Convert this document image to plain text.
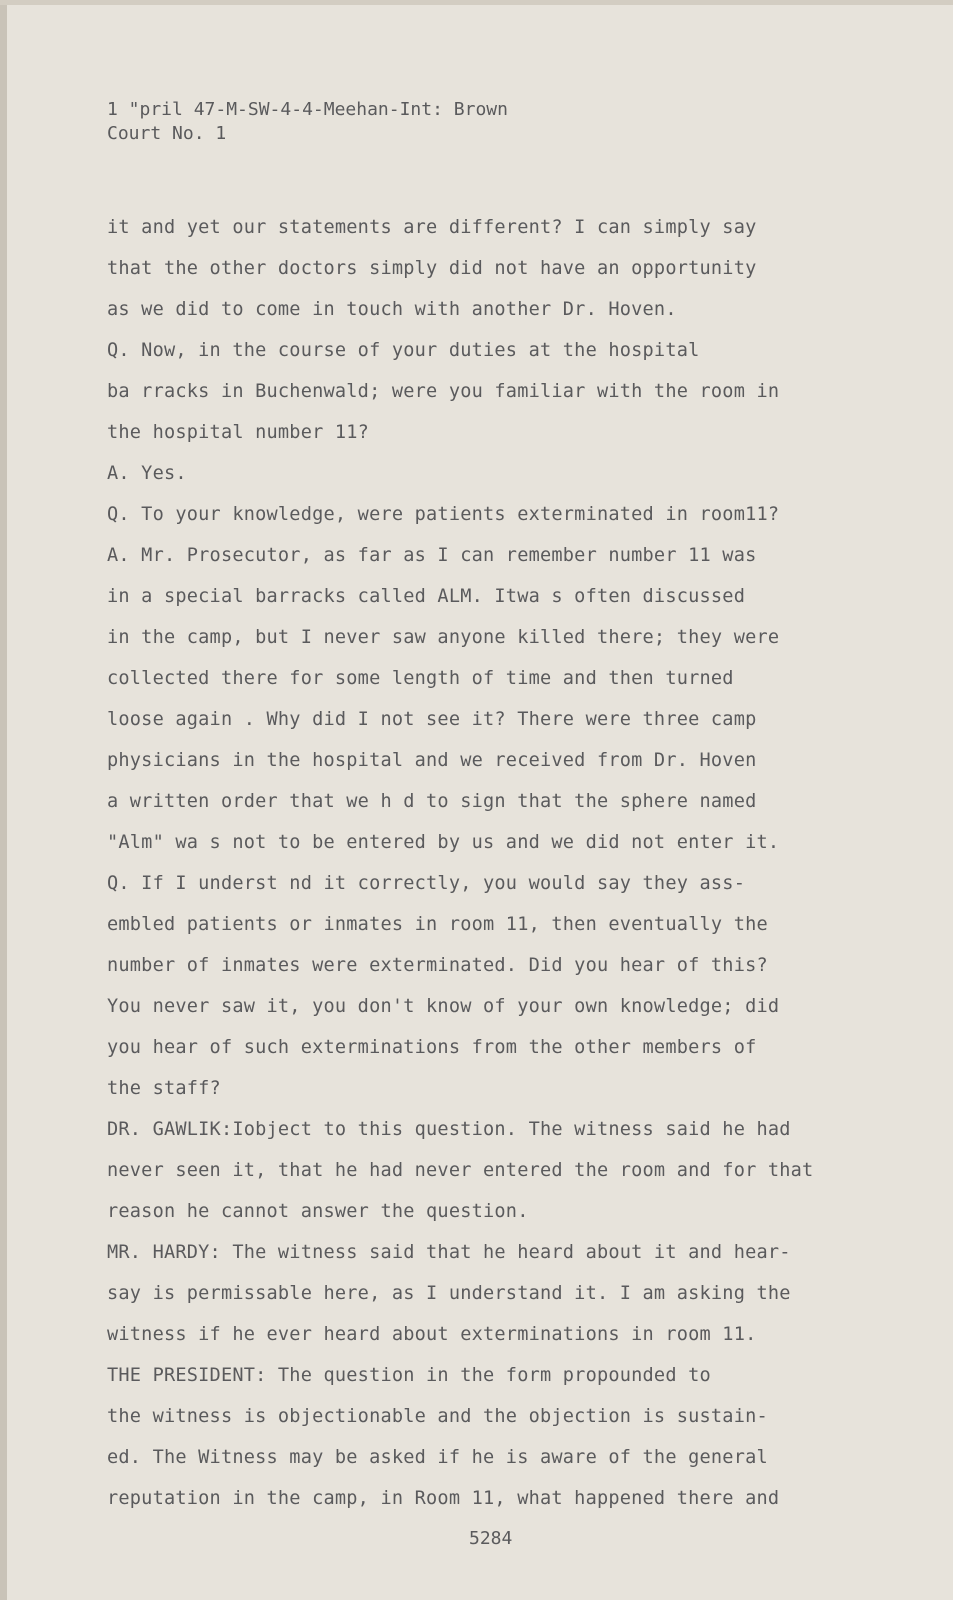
1 "pril 47-M-SW-4-4-Meehan-Int: Brown
Court No. 1
it and yet our statements are different? I can simply say
that the other doctors simply did not have an opportunity
as we did to come in touch with another Dr. Hoven.
Q. Now, in the course of your duties at the hospital
ba rracks in Buchenwald; were you familiar with the room in
the hospital number 11?
A. Yes.
Q. To your knowledge, were patients exterminated in room11?
A. Mr. Prosecutor, as far as I can remember number 11 was
in a special barracks called ALM. Itwa s often discussed
in the camp, but I never saw anyone killed there; they were
collected there for some length of time and then turned
loose again . Why did I not see it? There were three camp
physicians in the hospital and we received from Dr. Hoven
a written order that we h d to sign that the sphere named
"Alm" wa s not to be entered by us and we did not enter it.
Q. If I underst nd it correctly, you would say they ass-
embled patients or inmates in room 11, then eventually the
number of inmates were exterminated. Did you hear of this?
You never saw it, you don't know of your own knowledge; did
you hear of such exterminations from the other members of
the staff?
DR. GAWLIK:Iobject to this question. The witness said he had
never seen it, that he had never entered the room and for that
reason he cannot answer the question.
MR. HARDY: The witness said that he heard about it and hear-
say is permissable here, as I understand it. I am asking the
witness if he ever heard about exterminations in room 11.
THE PRESIDENT: The question in the form propounded to
the witness is objectionable and the objection is sustain-
ed. The Witness may be asked if he is aware of the general
reputation in the camp, in Room 11, what happened there and
5284
